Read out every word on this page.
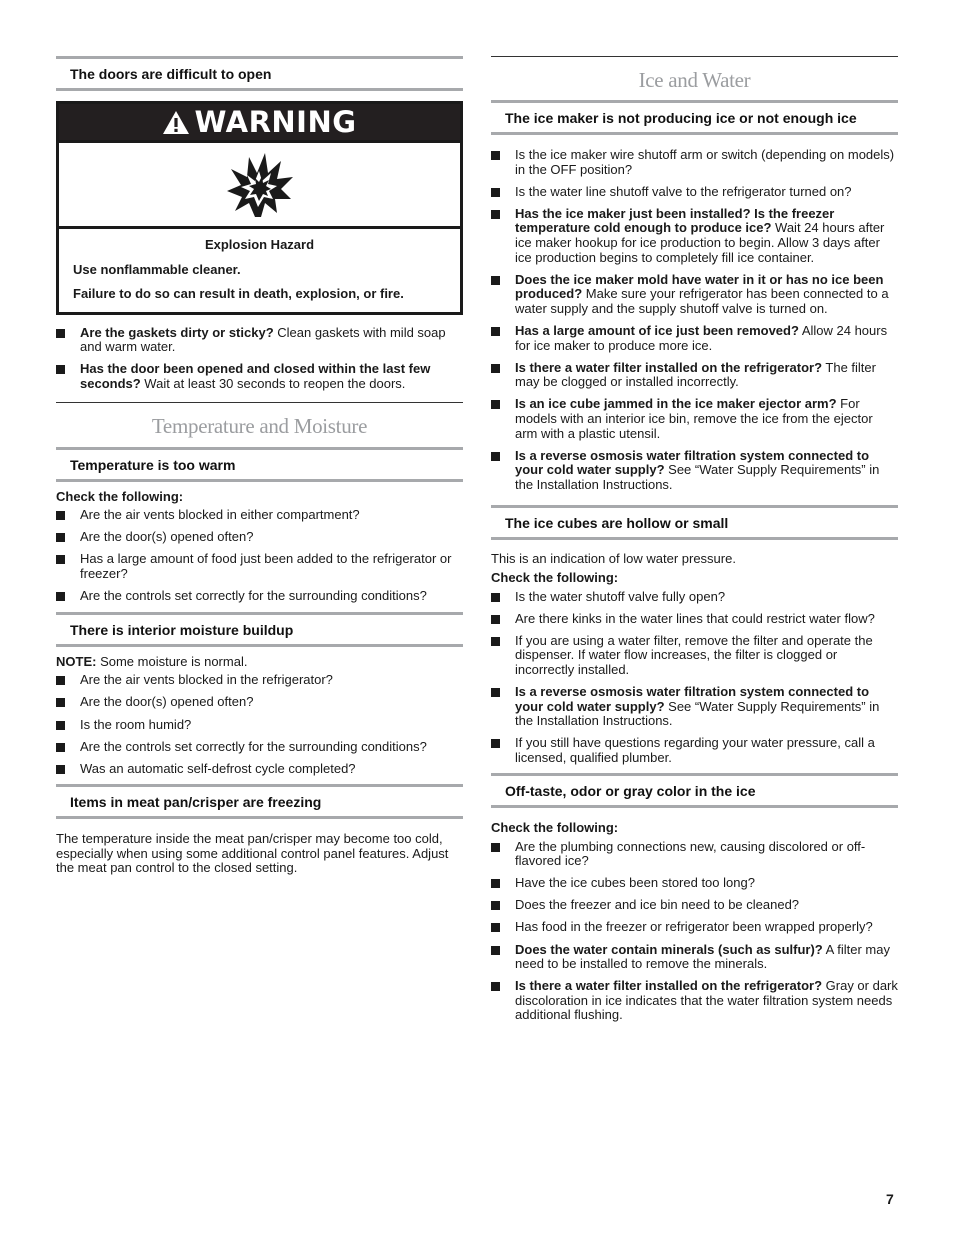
The doors are difficult to open
WARNING
Explosion Hazard
Use nonflammable cleaner.
Failure to do so can result in death, explosion, or fire.
Are the gaskets dirty or sticky? Clean gaskets with mild soap and warm water.
Has the door been opened and closed within the last few seconds? Wait at least 30 seconds to reopen the doors.
Temperature and Moisture
Temperature is too warm
Check the following:
Are the air vents blocked in either compartment?
Are the door(s) opened often?
Has a large amount of food just been added to the refrigerator or freezer?
Are the controls set correctly for the surrounding conditions?
There is interior moisture buildup

NOTE: Some moisture is normal.

Are the air vents blocked in the refrigerator?
Are the door(s) opened often?
Is the room humid?
Are the controls set correctly for the surrounding conditions?
Was an automatic self-defrost cycle completed?
Items in meat pan/crisper are freezing

The temperature inside the meat pan/crisper may become too cold, especially when using some additional control panel features. Adjust the meat pan control to the closed setting.

Ice and Water
The ice maker is not producing ice or not enough ice
Is the ice maker wire shutoff arm or switch (depending on models) in the OFF position?
Is the water line shutoff valve to the refrigerator turned on?
Has the ice maker just been installed? Is the freezer temperature cold enough to produce ice? Wait 24 hours after ice maker hookup for ice production to begin. Allow 3 days after ice production begins to completely fill ice container.
Does the ice maker mold have water in it or has no ice been produced? Make sure your refrigerator has been connected to a water supply and the supply shutoff valve is turned on.
Has a large amount of ice just been removed? Allow 24 hours for ice maker to produce more ice.
Is there a water filter installed on the refrigerator? The filter may be clogged or installed incorrectly.
Is an ice cube jammed in the ice maker ejector arm? For models with an interior ice bin, remove the ice from the ejector arm with a plastic utensil.
Is a reverse osmosis water filtration system connected to your cold water supply? See “Water Supply Requirements” in the Installation Instructions.
The ice cubes are hollow or small

This is an indication of low water pressure.

Check the following:
Is the water shutoff valve fully open?
Are there kinks in the water lines that could restrict water flow?
If you are using a water filter, remove the filter and operate the dispenser. If water flow increases, the filter is clogged or incorrectly installed.
Is a reverse osmosis water filtration system connected to your cold water supply? See “Water Supply Requirements” in the Installation Instructions.
If you still have questions regarding your water pressure, call a licensed, qualified plumber.
Off-taste, odor or gray color in the ice
Check the following:
Are the plumbing connections new, causing discolored or off-flavored ice?
Have the ice cubes been stored too long?
Does the freezer and ice bin need to be cleaned?
Has food in the freezer or refrigerator been wrapped properly?
Does the water contain minerals (such as sulfur)? A filter may need to be installed to remove the minerals.
Is there a water filter installed on the refrigerator? Gray or dark discoloration in ice indicates that the water filtration system needs additional flushing.
7
